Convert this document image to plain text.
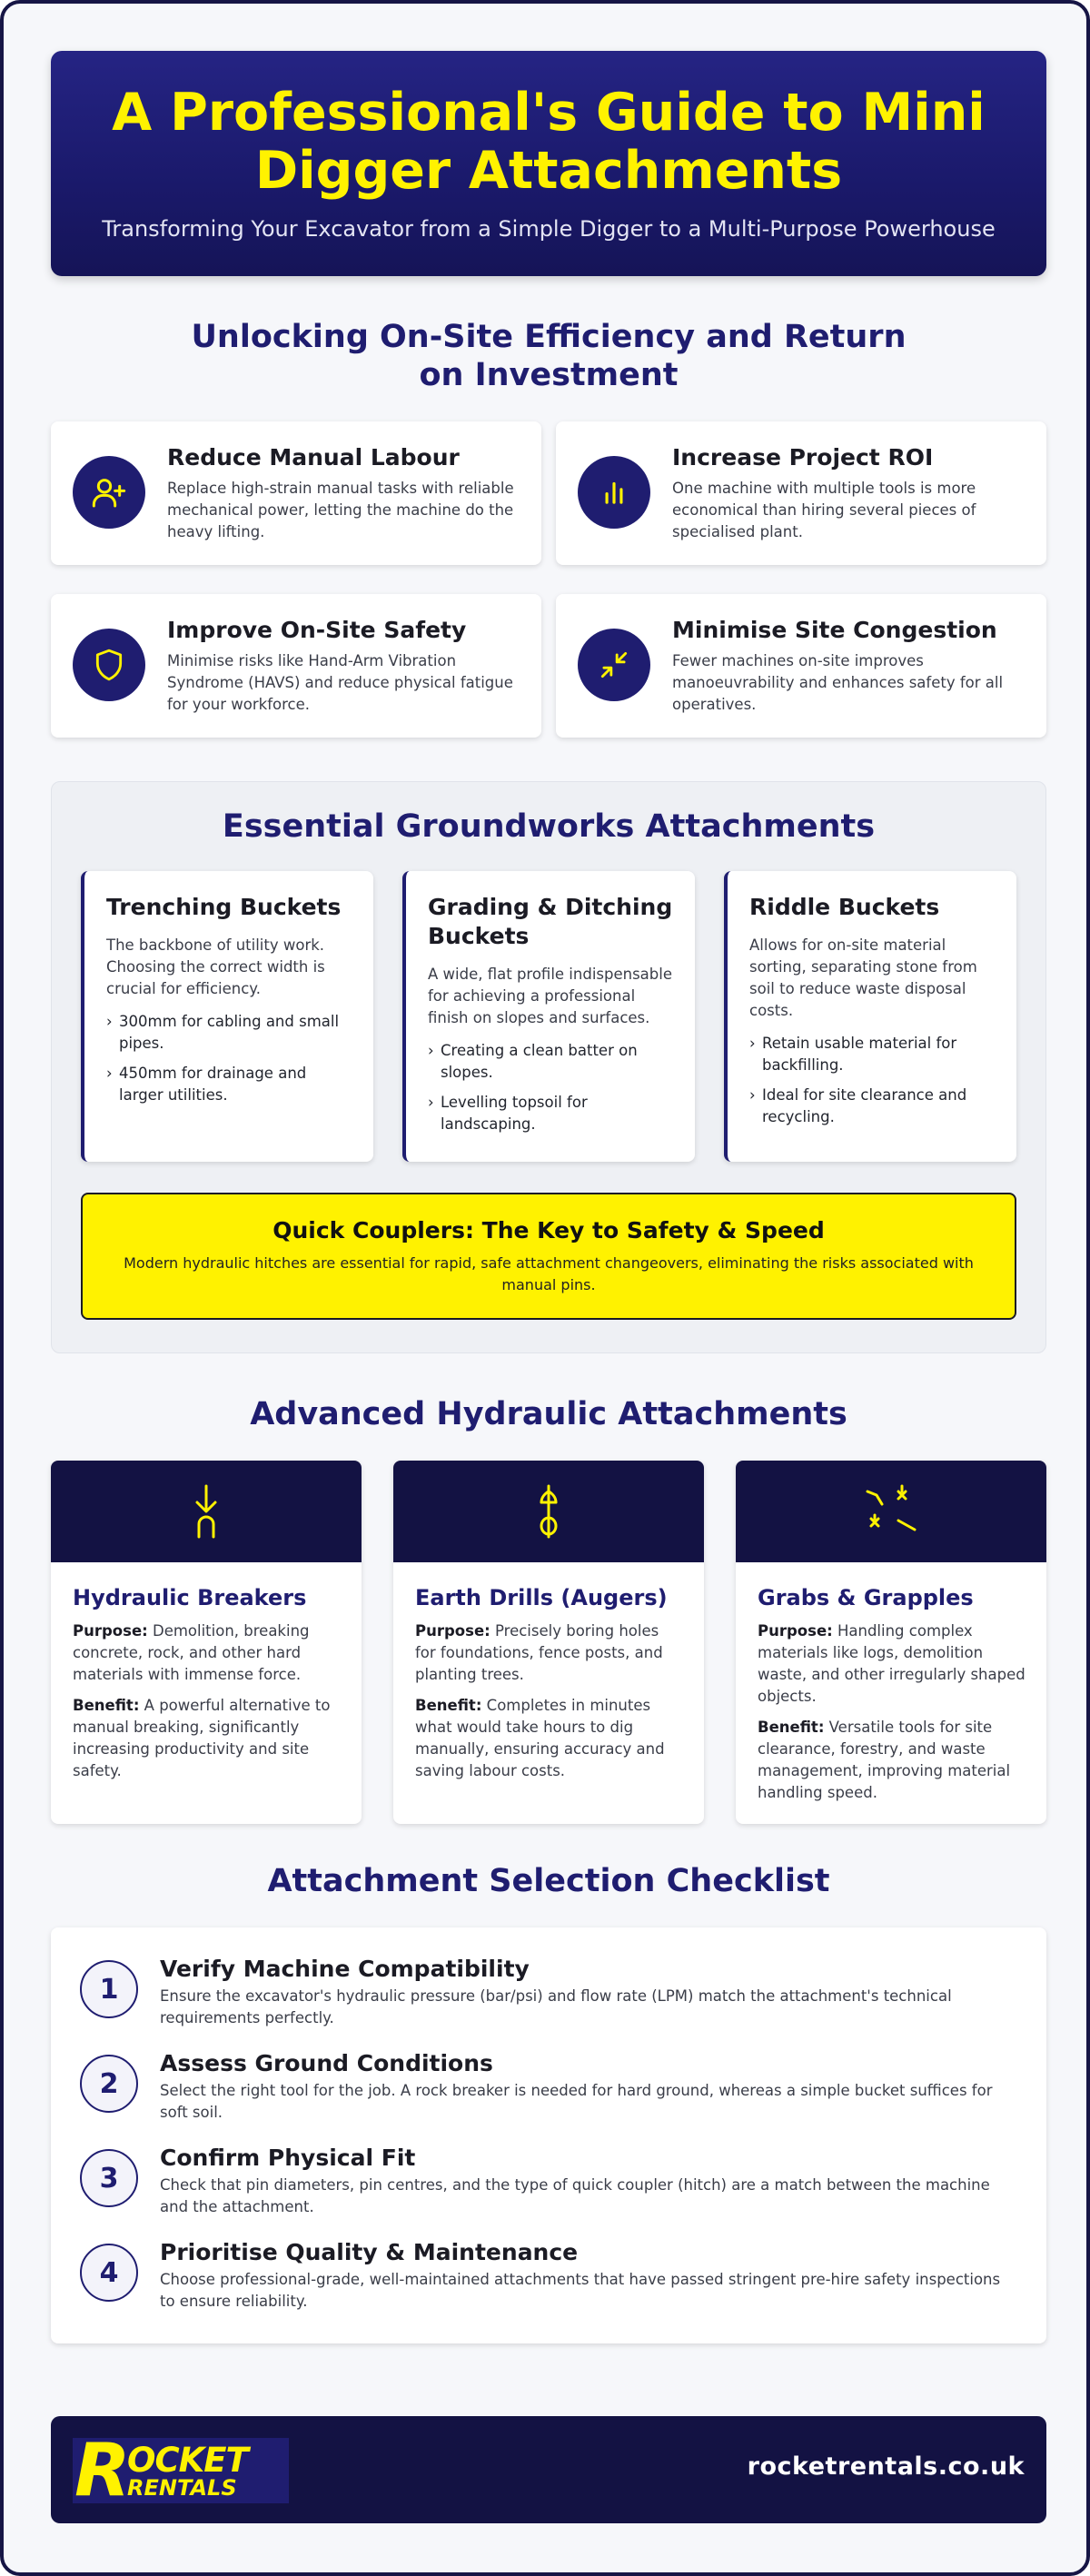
A Professional's Guide to Mini Digger Attachments

Transforming Your Excavator from a Simple Digger to a Multi-Purpose Powerhouse

Unlocking On-Site Efficiency and Return on Investment
Reduce Manual Labour

Replace high-strain manual tasks with reliable mechanical power, letting the machine do the heavy lifting.

Increase Project ROI

One machine with multiple tools is more economical than hiring several pieces of specialised plant.

Improve On-Site Safety

Minimise risks like Hand-Arm Vibration Syndrome (HAVS) and reduce physical fatigue for your workforce.

Minimise Site Congestion

Fewer machines on-site improves manoeuvrability and enhances safety for all operatives.

Essential Groundworks Attachments
Trenching Buckets

The backbone of utility work. Choosing the correct width is crucial for efficiency.

› 300mm for cabling and small pipes.
› 450mm for drainage and larger utilities.
Grading & Ditching Buckets

A wide, flat profile indispensable for achieving a professional finish on slopes and surfaces.

› Creating a clean batter on slopes.
› Levelling topsoil for landscaping.
Riddle Buckets

Allows for on-site material sorting, separating stone from soil to reduce waste disposal costs.

› Retain usable material for backfilling.
› Ideal for site clearance and recycling.
Quick Couplers: The Key to Safety & Speed

Modern hydraulic hitches are essential for rapid, safe attachment changeovers, eliminating the risks associated with manual pins.

Advanced Hydraulic Attachments
Hydraulic Breakers

Purpose: Demolition, breaking concrete, rock, and other hard materials with immense force.

Benefit: A powerful alternative to manual breaking, significantly increasing productivity and site safety.

Earth Drills (Augers)

Purpose: Precisely boring holes for foundations, fence posts, and planting trees.

Benefit: Completes in minutes what would take hours to dig manually, ensuring accuracy and saving labour costs.

Grabs & Grapples

Purpose: Handling complex materials like logs, demolition waste, and other irregularly shaped objects.

Benefit: Versatile tools for site clearance, forestry, and waste management, improving material handling speed.

Attachment Selection Checklist
1
Verify Machine Compatibility

Ensure the excavator's hydraulic pressure (bar/psi) and flow rate (LPM) match the attachment's technical requirements perfectly.

2
Assess Ground Conditions

Select the right tool for the job. A rock breaker is needed for hard ground, whereas a simple bucket suffices for soft soil.

3
Confirm Physical Fit

Check that pin diameters, pin centres, and the type of quick coupler (hitch) are a match between the machine and the attachment.

4
Prioritise Quality & Maintenance

Choose professional-grade, well-maintained attachments that have passed stringent pre-hire safety inspections to ensure reliability.

R
OCKET
RENTALS
rocketrentals.co.uk
